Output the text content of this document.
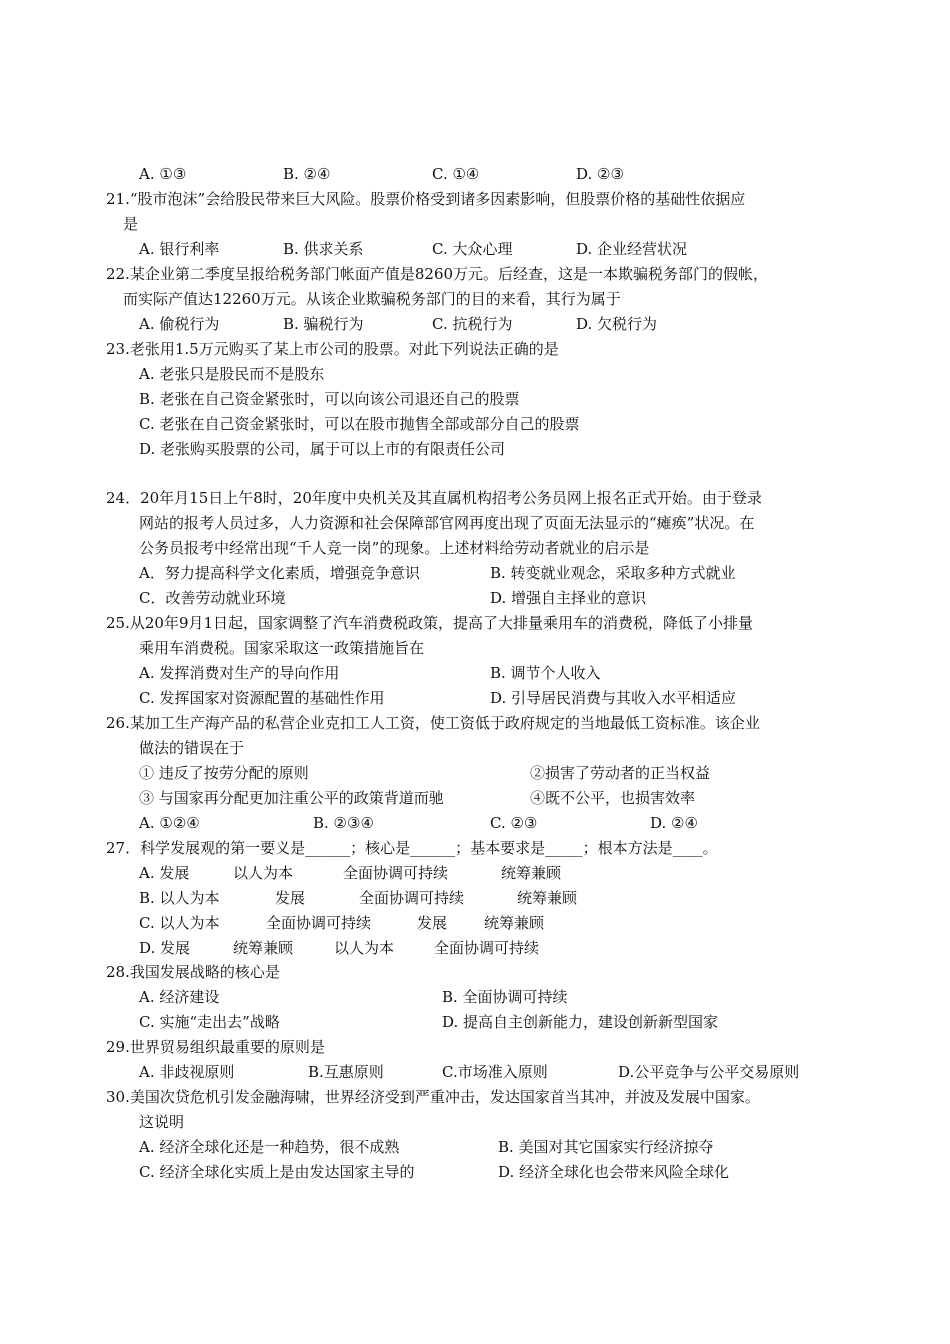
A. ①③	B. ②④	C. ①④	D. ②③
21.“股市泡沫”会给股民带来巨大风险。股票价格受到诸多因素影响，但股票价格的基础性依据应
是
A. 银行利率	B. 供求关系	C. 大众心理	D. 企业经营状况
22.某企业第二季度呈报给税务部门帐面产值是8260万元。后经查，这是一本欺骗税务部门的假帐，
而实际产值达12260万元。从该企业欺骗税务部门的目的来看，其行为属于
A. 偷税行为	B. 骗税行为	C. 抗税行为	D. 欠税行为
23.老张用1.5万元购买了某上市公司的股票。对此下列说法正确的是
A. 老张只是股民而不是股东
B. 老张在自己资金紧张时，可以向该公司退还自己的股票
C. 老张在自己资金紧张时，可以在股市抛售全部或部分自己的股票
D. 老张购买股票的公司，属于可以上市的有限责任公司
24．20年月15日上午8时，20年度中央机关及其直属机构招考公务员网上报名正式开始。由于登录
网站的报考人员过多，人力资源和社会保障部官网再度出现了页面无法显示的“瘫痪”状况。在
公务员报考中经常出现“千人竞一岗”的现象。上述材料给劳动者就业的启示是
A．努力提高科学文化素质，增强竞争意识	B. 转变就业观念，采取多种方式就业
C．改善劳动就业环境	D. 增强自主择业的意识
25.从20年9月1日起，国家调整了汽车消费税政策，提高了大排量乘用车的消费税，降低了小排量
乘用车消费税。国家采取这一政策措施旨在
A. 发挥消费对生产的导向作用	B. 调节个人收入
C. 发挥国家对资源配置的基础性作用	D. 引导居民消费与其收入水平相适应
26.某加工生产海产品的私营企业克扣工人工资，使工资低于政府规定的当地最低工资标准。该企业
做法的错误在于
① 违反了按劳分配的原则	②损害了劳动者的正当权益
③ 与国家再分配更加注重公平的政策背道而驰	④既不公平，也损害效率
A. ①②④	B. ②③④	C. ②③	D. ②④
27．科学发展观的第一要义是______；核心是______；基本要求是_____；根本方法是____。
A. 发展	以人为本	全面协调可持续	统筹兼顾
B. 以人为本	发展	全面协调可持续	统筹兼顾
C. 以人为本	全面协调可持续	发展 统筹兼顾
D. 发展	统筹兼顾	以人为本	全面协调可持续
28.我国发展战略的核心是
A. 经济建设	B. 全面协调可持续
C. 实施“走出去”战略	D. 提高自主创新能力，建设创新新型国家
29.世界贸易组织最重要的原则是
A. 非歧视原则	B.互惠原则	C.市场准入原则	D.公平竞争与公平交易原则
30.美国次贷危机引发金融海啸，世界经济受到严重冲击，发达国家首当其冲，并波及发展中国家。
这说明
A. 经济全球化还是一种趋势，很不成熟	B. 美国对其它国家实行经济掠夺
C. 经济全球化实质上是由发达国家主导的	D. 经济全球化也会带来风险全球化
